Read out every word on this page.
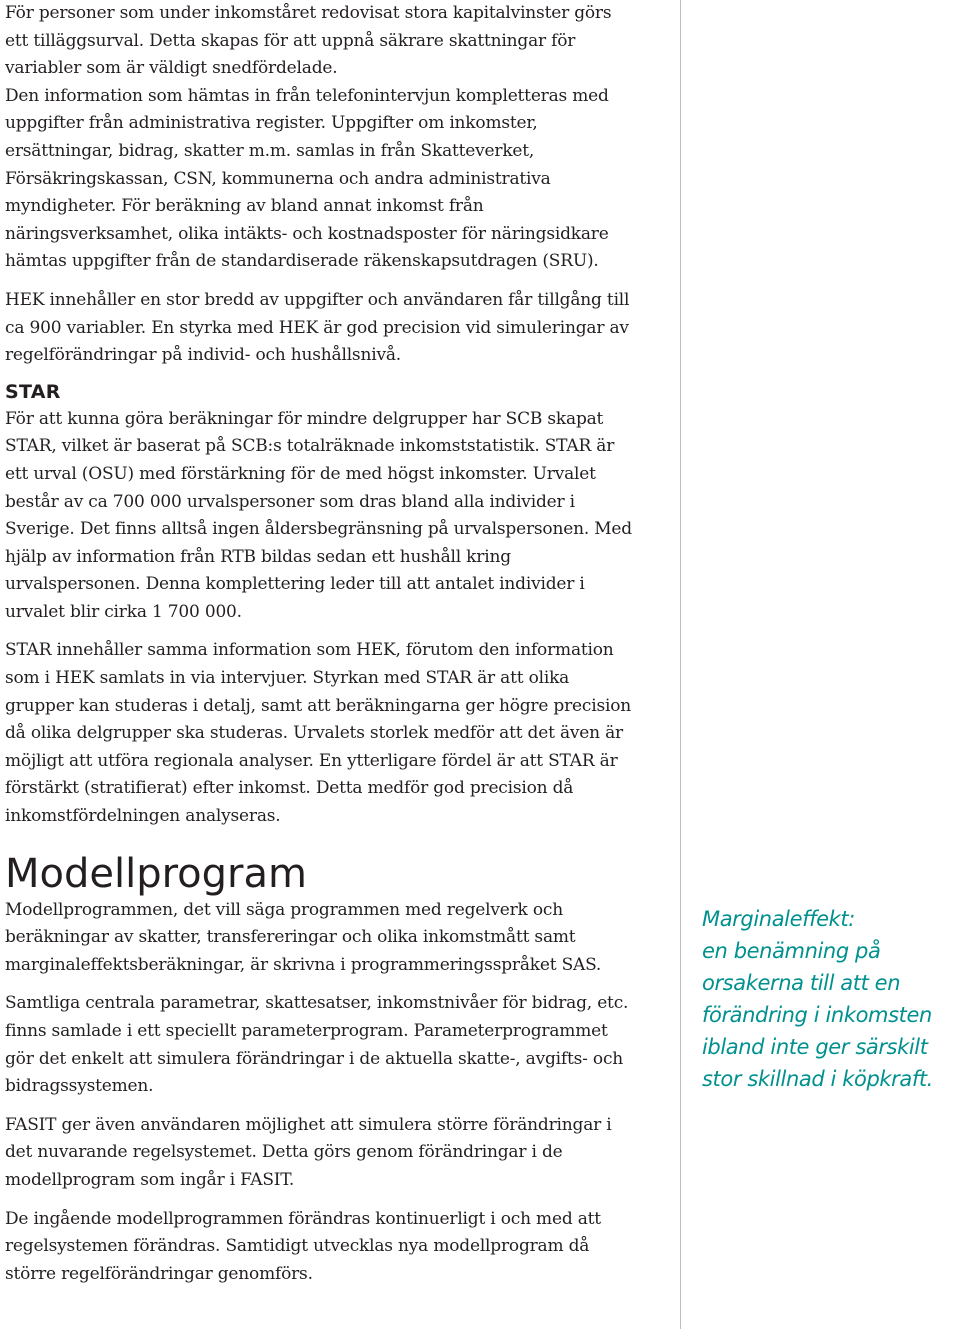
För personer som under inkomståret redovisat stora kapitalvinster görs ett tilläggsurval. Detta skapas för att uppnå säkrare skattningar för variabler som är väldigt snedfördelade.

Den information som hämtas in från telefonintervjun kompletteras med uppgifter från administrativa register. Uppgifter om inkomster, ersättningar, bidrag, skatter m.m. samlas in från Skatteverket, Försäkringskassan, CSN, kommunerna och andra administrativa myndigheter. För beräkning av bland annat inkomst från näringsverksamhet, olika intäkts- och kostnadsposter för näringsidkare hämtas uppgifter från de standardiserade räkenskapsutdragen (SRU).

HEK innehåller en stor bredd av uppgifter och användaren får tillgång till ca 900 variabler. En styrka med HEK är god precision vid simuleringar av regelförändringar på individ- och hushållsnivå.

STAR

För att kunna göra beräkningar för mindre delgrupper har SCB skapat STAR, vilket är baserat på SCB:s totalräknade inkomststatistik. STAR är ett urval (OSU) med förstärkning för de med högst inkomster. Urvalet består av ca 700 000 urvalspersoner som dras bland alla individer i Sverige. Det finns alltså ingen åldersbegränsning på urvalspersonen. Med hjälp av information från RTB bildas sedan ett hushåll kring urvalspersonen. Denna komplettering leder till att antalet individer i urvalet blir cirka 1 700 000.

STAR innehåller samma information som HEK, förutom den information som i HEK samlats in via intervjuer. Styrkan med STAR är att olika grupper kan studeras i detalj, samt att beräkningarna ger högre precision då olika delgrupper ska studeras. Urvalets storlek medför att det även är möjligt att utföra regionala analyser. En ytterligare fördel är att STAR är förstärkt (stratifierat) efter inkomst. Detta medför god precision då inkomstfördelningen analyseras.

Modellprogram

Modellprogrammen, det vill säga programmen med regelverk och beräkningar av skatter, transfereringar och olika inkomstmått samt marginaleffektsberäkningar, är skrivna i programmeringsspråket SAS.

Samtliga centrala parametrar, skattesatser, inkomstnivåer för bidrag, etc. finns samlade i ett speciellt parameterprogram. Parameterprogrammet gör det enkelt att simulera förändringar i de aktuella skatte-, avgifts- och bidragssystemen.

FASIT ger även användaren möjlighet att simulera större förändringar i det nuvarande regelsystemet. Detta görs genom förändringar i de modellprogram som ingår i FASIT.

De ingående modellprogrammen förändras kontinuerligt i och med att regelsystemen förändras. Samtidigt utvecklas nya modellprogram då större regelförändringar genomförs.

Marginaleffekt:
en benämning på
orsakerna till att en
förändring i inkomsten
ibland inte ger särskilt
stor skillnad i köpkraft.
